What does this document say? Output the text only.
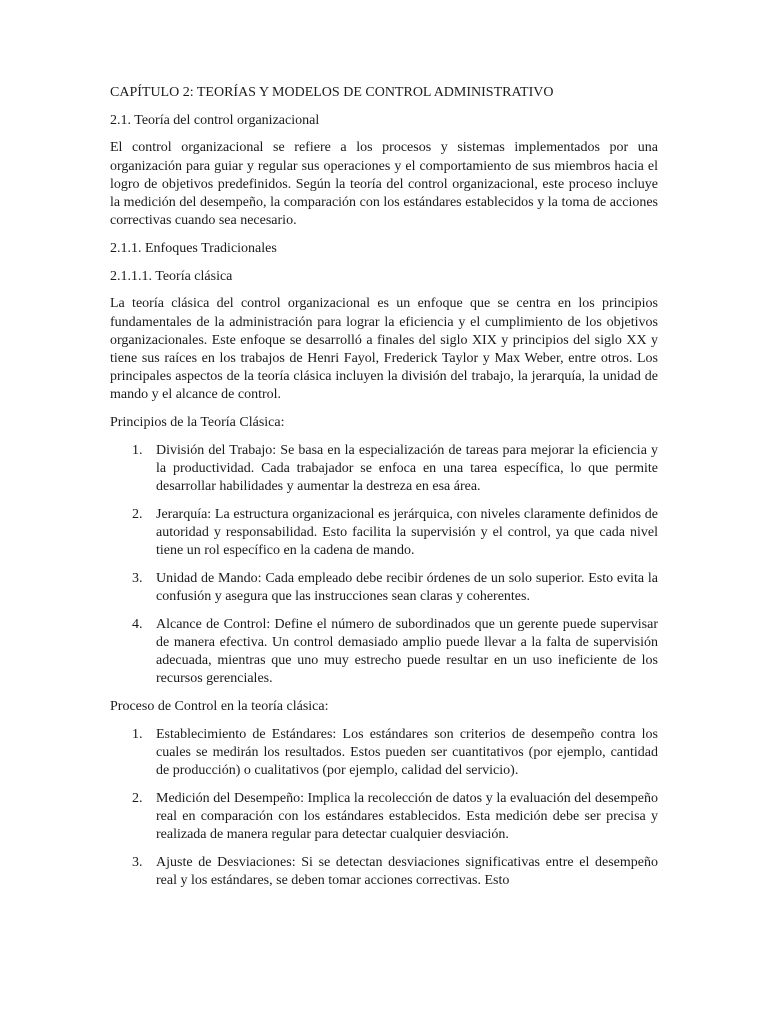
CAPÍTULO 2: TEORÍAS Y MODELOS DE CONTROL ADMINISTRATIVO

2.1. Teoría del control organizacional

El control organizacional se refiere a los procesos y sistemas implementados por una organización para guiar y regular sus operaciones y el comportamiento de sus miembros hacia el logro de objetivos predefinidos. Según la teoría del control organizacional, este proceso incluye la medición del desempeño, la comparación con los estándares establecidos y la toma de acciones correctivas cuando sea necesario.

2.1.1. Enfoques Tradicionales

2.1.1.1. Teoría clásica

La teoría clásica del control organizacional es un enfoque que se centra en los principios fundamentales de la administración para lograr la eficiencia y el cumplimiento de los objetivos organizacionales. Este enfoque se desarrolló a finales del siglo XIX y principios del siglo XX y tiene sus raíces en los trabajos de Henri Fayol, Frederick Taylor y Max Weber, entre otros. Los principales aspectos de la teoría clásica incluyen la división del trabajo, la jerarquía, la unidad de mando y el alcance de control.

Principios de la Teoría Clásica:

1. División del Trabajo: Se basa en la especialización de tareas para mejorar la eficiencia y la productividad. Cada trabajador se enfoca en una tarea específica, lo que permite desarrollar habilidades y aumentar la destreza en esa área.
2. Jerarquía: La estructura organizacional es jerárquica, con niveles claramente definidos de autoridad y responsabilidad. Esto facilita la supervisión y el control, ya que cada nivel tiene un rol específico en la cadena de mando.
3. Unidad de Mando: Cada empleado debe recibir órdenes de un solo superior. Esto evita la confusión y asegura que las instrucciones sean claras y coherentes.
4. Alcance de Control: Define el número de subordinados que un gerente puede supervisar de manera efectiva. Un control demasiado amplio puede llevar a la falta de supervisión adecuada, mientras que uno muy estrecho puede resultar en un uso ineficiente de los recursos gerenciales.

Proceso de Control en la teoría clásica:

1. Establecimiento de Estándares: Los estándares son criterios de desempeño contra los cuales se medirán los resultados. Estos pueden ser cuantitativos (por ejemplo, cantidad de producción) o cualitativos (por ejemplo, calidad del servicio).
2. Medición del Desempeño: Implica la recolección de datos y la evaluación del desempeño real en comparación con los estándares establecidos. Esta medición debe ser precisa y realizada de manera regular para detectar cualquier desviación.
3. Ajuste de Desviaciones: Si se detectan desviaciones significativas entre el desempeño real y los estándares, se deben tomar acciones correctivas. Esto
